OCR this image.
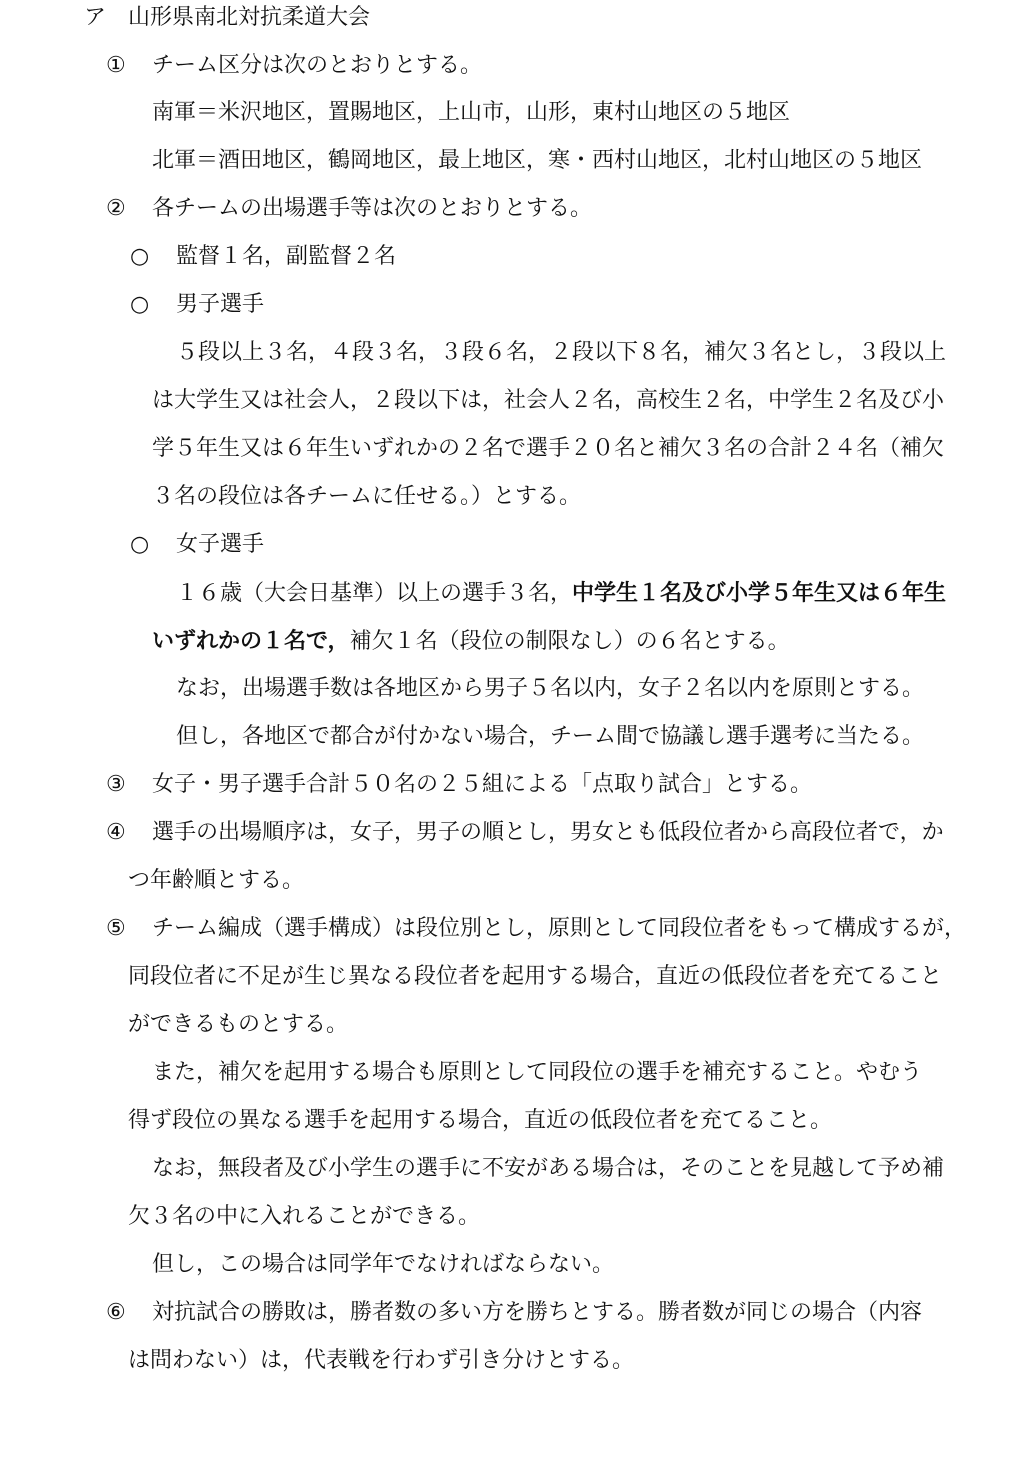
ア 山形県南北対抗柔道大会
① チーム区分は次のとおりとする。
南軍＝米沢地区，置賜地区，上山市，山形，東村山地区の５地区
北軍＝酒田地区，鶴岡地区，最上地区，寒・西村山地区，北村山地区の５地区
② 各チームの出場選手等は次のとおりとする。
○ 監督１名，副監督２名
○ 男子選手
５段以上３名，４段３名，３段６名，２段以下８名，補欠３名とし，３段以上
は大学生又は社会人，２段以下は，社会人２名，高校生２名，中学生２名及び小
学５年生又は６年生いずれかの２名で選手２０名と補欠３名の合計２４名（補欠
３名の段位は各チームに任せる。）とする。
○ 女子選手
１６歳（大会日基準）以上の選手３名，中学生１名及び小学５年生又は６年生
いずれかの１名で，補欠１名（段位の制限なし）の６名とする。
なお，出場選手数は各地区から男子５名以内，女子２名以内を原則とする。
但し，各地区で都合が付かない場合，チーム間で協議し選手選考に当たる。
③ 女子・男子選手合計５０名の２５組による「点取り試合」とする。
④ 選手の出場順序は，女子，男子の順とし，男女とも低段位者から高段位者で，か
つ年齢順とする。
⑤ チーム編成（選手構成）は段位別とし，原則として同段位者をもって構成するが，
同段位者に不足が生じ異なる段位者を起用する場合，直近の低段位者を充てること
ができるものとする。
また，補欠を起用する場合も原則として同段位の選手を補充すること。やむう
得ず段位の異なる選手を起用する場合，直近の低段位者を充てること。
なお，無段者及び小学生の選手に不安がある場合は，そのことを見越して予め補
欠３名の中に入れることができる。
但し，この場合は同学年でなければならない。
⑥ 対抗試合の勝敗は，勝者数の多い方を勝ちとする。勝者数が同じの場合（内容
は問わない）は，代表戦を行わず引き分けとする。
